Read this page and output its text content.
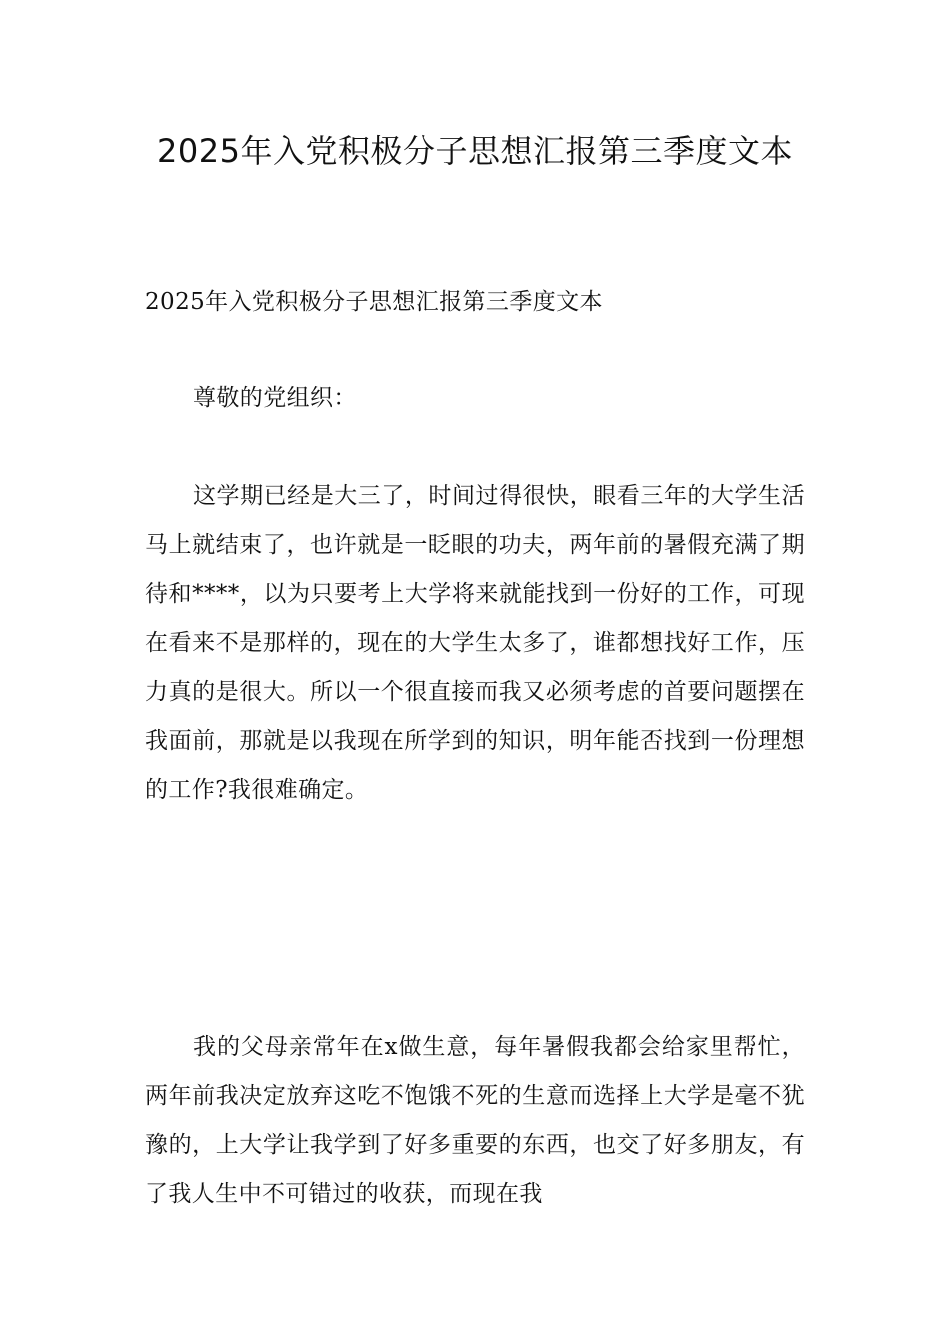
2025年入党积极分子思想汇报第三季度文本

2025年入党积极分子思想汇报第三季度文本

尊敬的党组织：

这学期已经是大三了，时间过得很快，眼看三年的大学生活马上就结束了，也许就是一眨眼的功夫，两年前的暑假充满了期待和****，以为只要考上大学将来就能找到一份好的工作，可现在看来不是那样的，现在的大学生太多了，谁都想找好工作，压力真的是很大。所以一个很直接而我又必须考虑的首要问题摆在我面前，那就是以我现在所学到的知识，明年能否找到一份理想的工作?我很难确定。

我的父母亲常年在x做生意，每年暑假我都会给家里帮忙，两年前我决定放弃这吃不饱饿不死的生意而选择上大学是毫不犹豫的，上大学让我学到了好多重要的东西，也交了好多朋友，有了我人生中不可错过的收获，而现在我
